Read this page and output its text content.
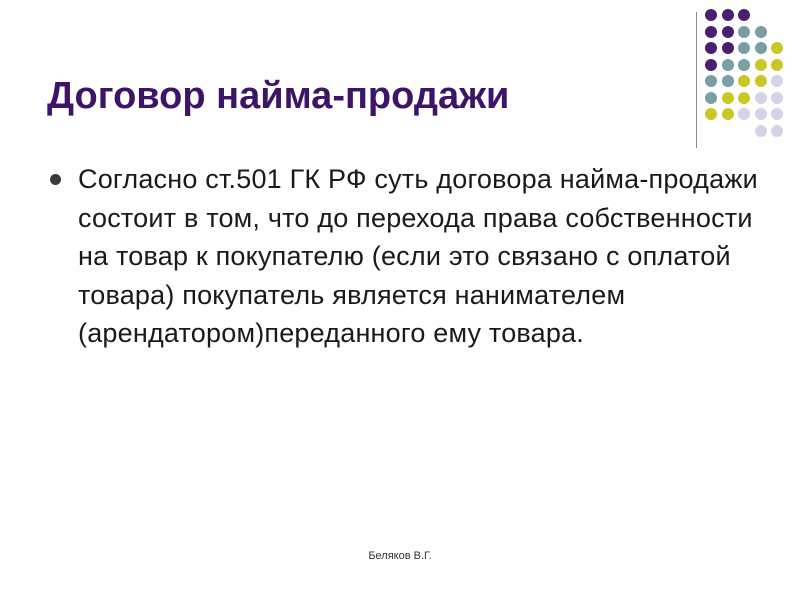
Договор найма-продажи
Согласно ст.501 ГК РФ суть договора найма-продажи состоит в том, что до перехода права собственности на товар к покупателю (если это связано с оплатой товара) покупатель является нанимателем (арендатором)переданного ему товара.
Беляков В.Г.
